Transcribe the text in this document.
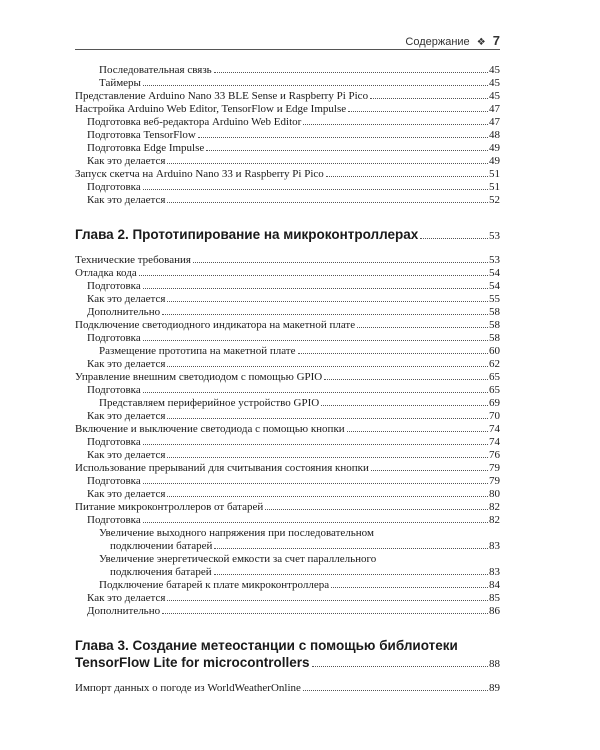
Содержание ❖ 7
Последовательная связь	45
Таймеры	45
Представление Arduino Nano 33 BLE Sense и Raspberry Pi Pico	45
Настройка Arduino Web Editor, TensorFlow и Edge Impulse	47
Подготовка веб-редактора Arduino Web Editor	47
Подготовка TensorFlow	48
Подготовка Edge Impulse	49
Как это делается	49
Запуск скетча на Arduino Nano 33 и Raspberry Pi Pico	51
Подготовка	51
Как это делается	52
Глава 2. Прототипирование на микроконтроллерах	53
Технические требования	53
Отладка кода	54
Подготовка	54
Как это делается	55
Дополнительно	58
Подключение светодиодного индикатора на макетной плате	58
Подготовка	58
Размещение прототипа на макетной плате	60
Как это делается	62
Управление внешним светодиодом с помощью GPIO	65
Подготовка	65
Представляем периферийное устройство GPIO	69
Как это делается	70
Включение и выключение светодиода с помощью кнопки	74
Подготовка	74
Как это делается	76
Использование прерываний для считывания состояния кнопки	79
Подготовка	79
Как это делается	80
Питание микроконтроллеров от батарей	82
Подготовка	82
Увеличение выходного напряжения при последовательном
подключении батарей	83
Увеличение энергетической емкости за счет параллельного
подключения батарей	83
Подключение батарей к плате микроконтроллера	84
Как это делается	85
Дополнительно	86
Глава 3. Создание метеостанции с помощью библиотеки
TensorFlow Lite for microcontrollers	88
Импорт данных о погоде из WorldWeatherOnline	89
